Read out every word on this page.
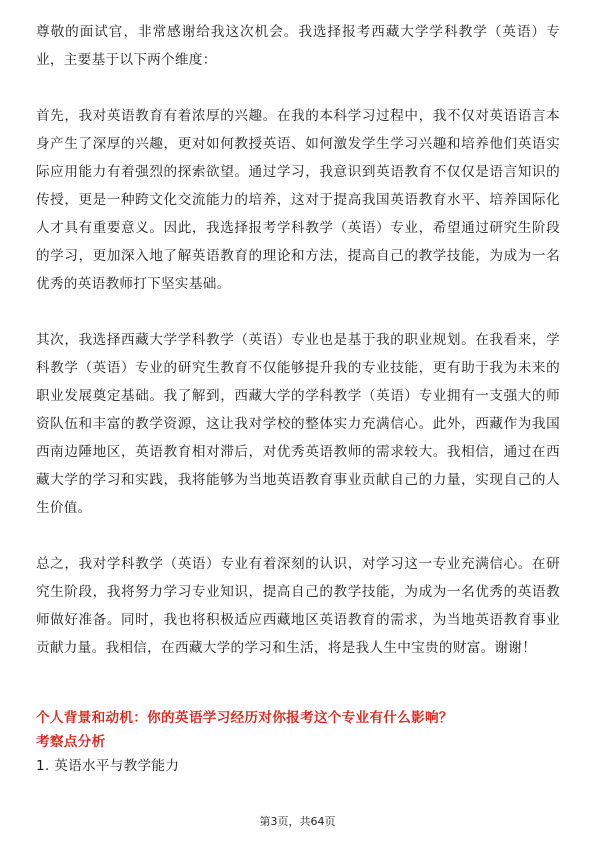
尊敬的面试官，非常感谢给我这次机会。我选择报考西藏大学学科教学（英语）专业，主要基于以下两个维度：

首先，我对英语教育有着浓厚的兴趣。在我的本科学习过程中，我不仅对英语语言本身产生了深厚的兴趣，更对如何教授英语、如何激发学生学习兴趣和培养他们英语实际应用能力有着强烈的探索欲望。通过学习，我意识到英语教育不仅仅是语言知识的传授，更是一种跨文化交流能力的培养，这对于提高我国英语教育水平、培养国际化人才具有重要意义。因此，我选择报考学科教学（英语）专业，希望通过研究生阶段的学习，更加深入地了解英语教育的理论和方法，提高自己的教学技能，为成为一名优秀的英语教师打下坚实基础。

其次，我选择西藏大学学科教学（英语）专业也是基于我的职业规划。在我看来，学科教学（英语）专业的研究生教育不仅能够提升我的专业技能，更有助于我为未来的职业发展奠定基础。我了解到，西藏大学的学科教学（英语）专业拥有一支强大的师资队伍和丰富的教学资源，这让我对学校的整体实力充满信心。此外，西藏作为我国西南边陲地区，英语教育相对滞后，对优秀英语教师的需求较大。我相信，通过在西藏大学的学习和实践，我将能够为当地英语教育事业贡献自己的力量，实现自己的人生价值。

总之，我对学科教学（英语）专业有着深刻的认识，对学习这一专业充满信心。在研究生阶段，我将努力学习专业知识，提高自己的教学技能，为成为一名优秀的英语教师做好准备。同时，我也将积极适应西藏地区英语教育的需求，为当地英语教育事业贡献力量。我相信，在西藏大学的学习和生活，将是我人生中宝贵的财富。谢谢！

个人背景和动机：你的英语学习经历对你报考这个专业有什么影响？

考察点分析

1. 英语水平与教学能力

第3页，共64页
